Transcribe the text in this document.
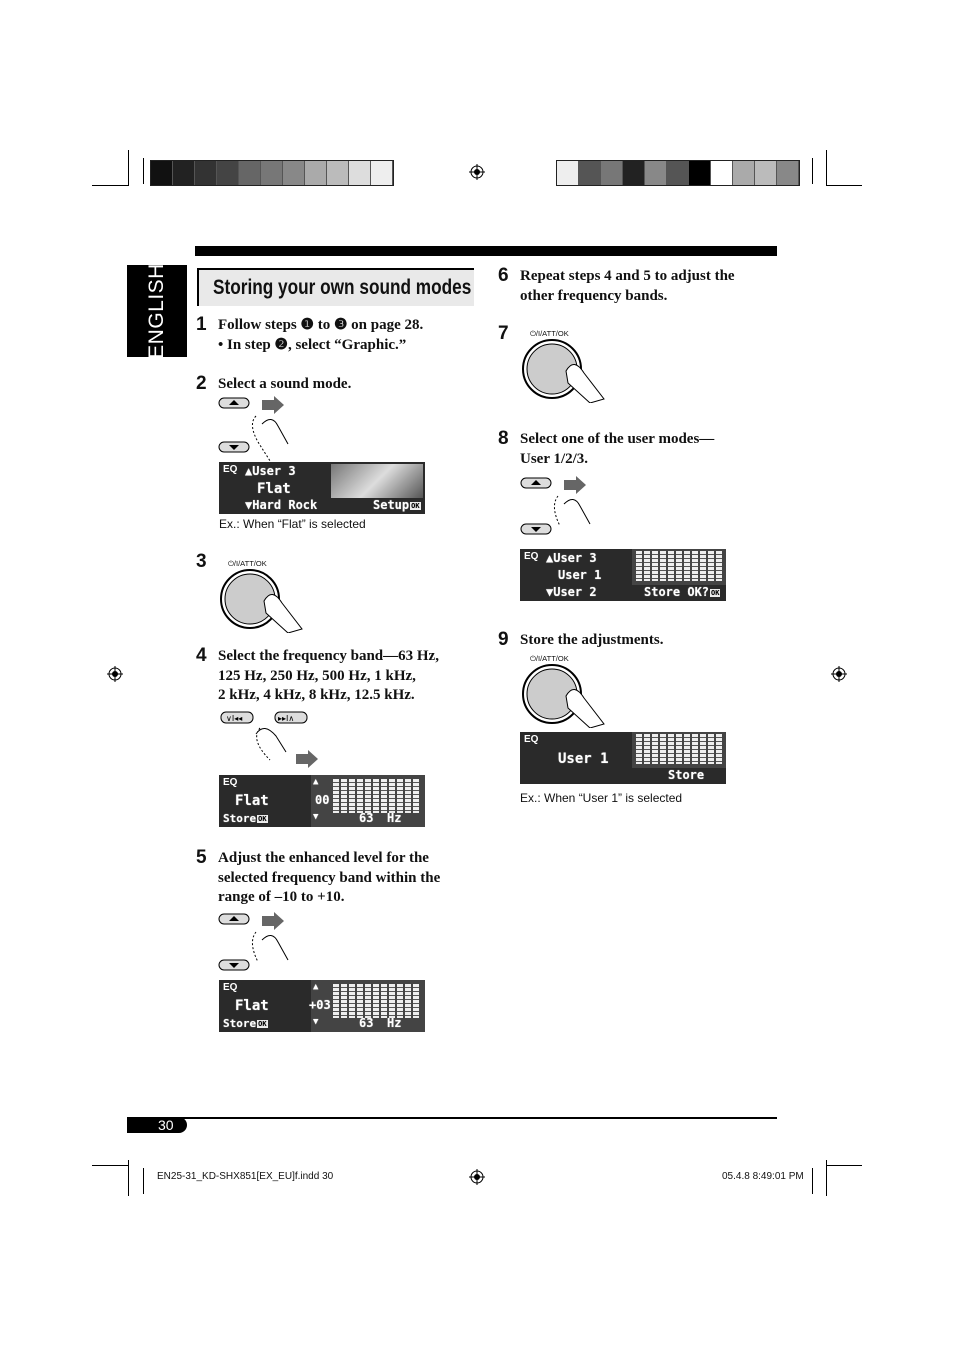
ENGLISH Storing your own sound modes
1 Follow steps ❶ to ❸ on page 28.
• In step ❷, select “Graphic.”
2 Select a sound mode.
EQ ▲User 3
Flat
▼Hard Rock	Setup OK
Ex.: When “Flat” is selected
3	⏻/I/ATT/OK
4 Select the frequency band—63 Hz,
125 Hz, 250 Hz, 500 Hz, 1 kHz,
2 kHz, 4 kHz, 8 kHz, 12.5 kHz.
∨I◂◂	▸▸I∧
EQ
Flat
Store OK
▲
00
▼	63 Hz
5 Adjust the enhanced level for the
selected frequency band within the
range of –10 to +10.
EQ
Flat
Store OK
▲
+03
▼	63 Hz
6 Repeat steps 4 and 5 to adjust the
other frequency bands.
7	⏻/I/ATT/OK
8 Select one of the user modes—
User 1/2/3.
EQ ▲User 3
User 1
▼User 2	Store OK? OK
9 Store the adjustments.
⏻/I/ATT/OK
EQ
User 1
Store
Ex.: When “User 1” is selected
30
EN25-31_KD-SHX851[EX_EU]f.indd 30	05.4.8 8:49:01 PM
